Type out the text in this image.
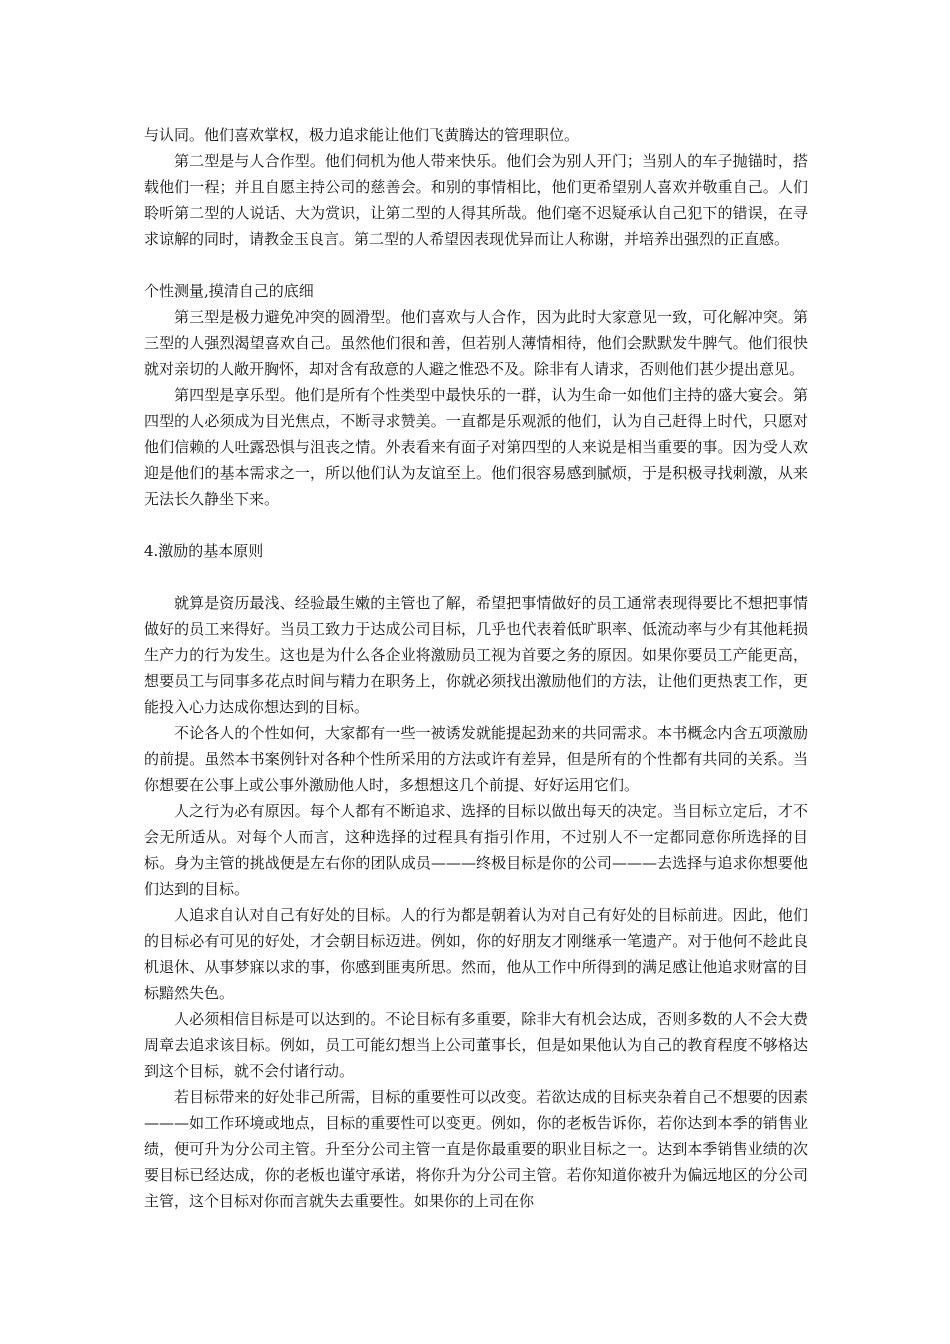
与认同。他们喜欢掌权，极力追求能让他们飞黄腾达的管理职位。

第二型是与人合作型。他们伺机为他人带来快乐。他们会为别人开门；当别人的车子抛锚时，搭载他们一程；并且自愿主持公司的慈善会。和别的事情相比，他们更希望别人喜欢并敬重自己。人们聆听第二型的人说话、大为赏识，让第二型的人得其所哉。他们毫不迟疑承认自己犯下的错误，在寻求谅解的同时，请教金玉良言。第二型的人希望因表现优异而让人称谢，并培养出强烈的正直感。

个性测量,摸清自己的底细

第三型是极力避免冲突的圆滑型。他们喜欢与人合作，因为此时大家意见一致，可化解冲突。第三型的人强烈渴望喜欢自己。虽然他们很和善，但若别人薄情相待，他们会默默发牛脾气。他们很快就对亲切的人敞开胸怀，却对含有敌意的人避之惟恐不及。除非有人请求，否则他们甚少提出意见。

第四型是享乐型。他们是所有个性类型中最快乐的一群，认为生命一如他们主持的盛大宴会。第四型的人必须成为目光焦点，不断寻求赞美。一直都是乐观派的他们，认为自己赶得上时代，只愿对他们信赖的人吐露恐惧与沮丧之情。外表看来有面子对第四型的人来说是相当重要的事。因为受人欢迎是他们的基本需求之一，所以他们认为友谊至上。他们很容易感到腻烦，于是积极寻找刺激，从来无法长久静坐下来。

4.激励的基本原则

就算是资历最浅、经验最生嫩的主管也了解，希望把事情做好的员工通常表现得要比不想把事情做好的员工来得好。当员工致力于达成公司目标，几乎也代表着低旷职率、低流动率与少有其他耗损生产力的行为发生。这也是为什么各企业将激励员工视为首要之务的原因。如果你要员工产能更高，想要员工与同事多花点时间与精力在职务上，你就必须找出激励他们的方法，让他们更热衷工作，更能投入心力达成你想达到的目标。

不论各人的个性如何，大家都有一些一被诱发就能提起劲来的共同需求。本书概念内含五项激励的前提。虽然本书案例针对各种个性所采用的方法或许有差异，但是所有的个性都有共同的关系。当你想要在公事上或公事外激励他人时，多想想这几个前提、好好运用它们。

人之行为必有原因。每个人都有不断追求、选择的目标以做出每天的决定。当目标立定后，才不会无所适从。对每个人而言，这种选择的过程具有指引作用，不过别人不一定都同意你所选择的目标。身为主管的挑战便是左右你的团队成员———终极目标是你的公司———去选择与追求你想要他们达到的目标。

人追求自认对自己有好处的目标。人的行为都是朝着认为对自己有好处的目标前进。因此，他们的目标必有可见的好处，才会朝目标迈进。例如，你的好朋友才刚继承一笔遗产。对于他何不趁此良机退休、从事梦寐以求的事，你感到匪夷所思。然而，他从工作中所得到的满足感让他追求财富的目标黯然失色。

人必须相信目标是可以达到的。不论目标有多重要，除非大有机会达成，否则多数的人不会大费周章去追求该目标。例如，员工可能幻想当上公司董事长，但是如果他认为自己的教育程度不够格达到这个目标，就不会付诸行动。

若目标带来的好处非己所需，目标的重要性可以改变。若欲达成的目标夹杂着自己不想要的因素———如工作环境或地点，目标的重要性可以变更。例如，你的老板告诉你，若你达到本季的销售业绩，便可升为分公司主管。升至分公司主管一直是你最重要的职业目标之一。达到本季销售业绩的次要目标已经达成，你的老板也谨守承诺，将你升为分公司主管。若你知道你被升为偏远地区的分公司主管，这个目标对你而言就失去重要性。如果你的上司在你
